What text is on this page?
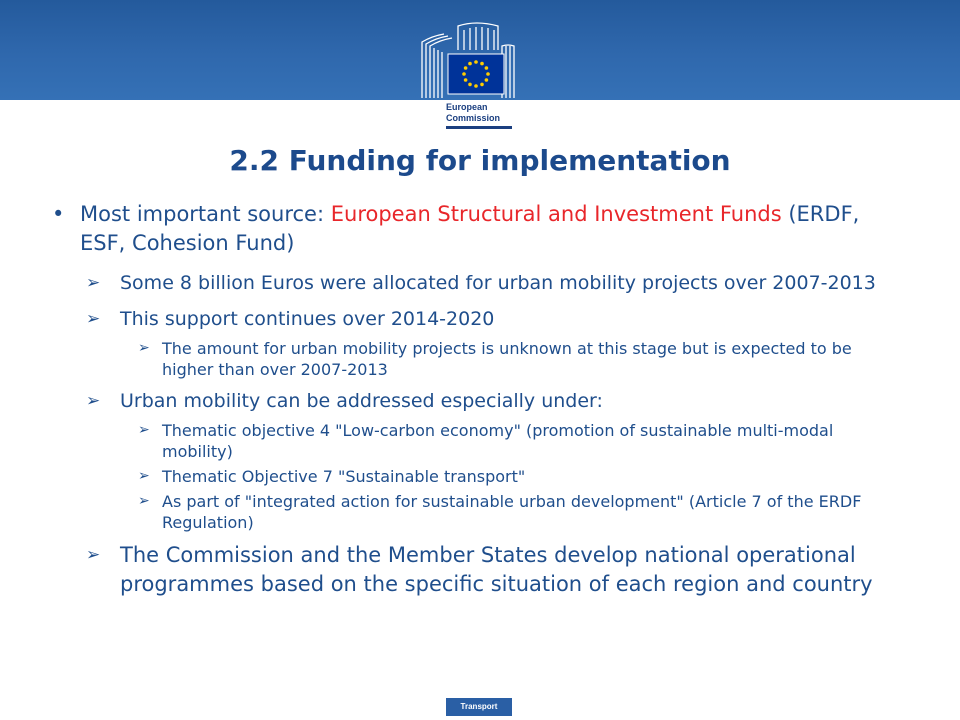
European
Commission
2.2 Funding for implementation

• Most important source: European Structural and Investment Funds (ERDF, ESF, Cohesion Fund)

➢ Some 8 billion Euros were allocated for urban mobility projects over 2007-2013

➢ This support continues over 2014-2020

➢ The amount for urban mobility projects is unknown at this stage but is expected to be higher than over 2007-2013

➢ Urban mobility can be addressed especially under:

➢ Thematic objective 4 "Low-carbon economy" (promotion of sustainable multi-modal mobility)

➢ Thematic Objective 7 "Sustainable transport"

➢ As part of "integrated action for sustainable urban development" (Article 7 of the ERDF Regulation)

➢ The Commission and the Member States develop national operational programmes based on the specific situation of each region and country

Transport
